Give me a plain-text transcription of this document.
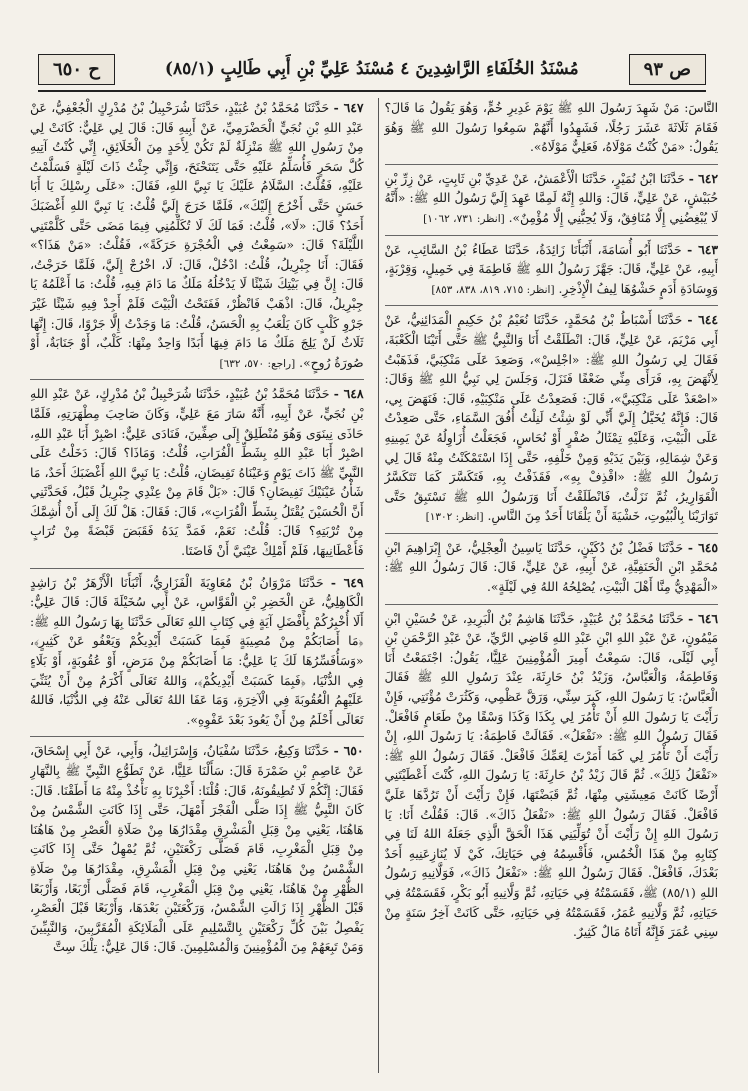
ص ٩٣
مُسْنَدُ الخُلَفَاءِ الرَّاشِدِينَ ٤ مُسْنَدُ عَلِيِّ بْنِ أَبِي طَالِبٍ (٨٥/١)
ح ٦٥٠

النَّاسَ: مَنْ شَهِدَ رَسُولَ اللهِ ﷺ يَوْمَ غَدِيرِ خُمٍّ، وَهُوَ يَقُولُ مَا قَالَ؟ فَقَامَ ثَلَاثَةَ عَشَرَ رَجُلًا، فَشَهِدُوا أَنَّهُمْ سَمِعُوا رَسُولَ اللهِ ﷺ وَهُوَ يَقُولُ: «مَنْ كُنْتُ مَوْلَاهُ، فَعَلِيٌّ مَوْلَاهُ».

٦٤٢ - حَدَّثَنَا ابْنُ نُمَيْرٍ، حَدَّثَنَا الْأَعْمَشُ، عَنْ عَدِيِّ بْنِ ثَابِتٍ، عَنْ زِرِّ بْنِ حُبَيْشٍ، عَنْ عَلِيٍّ، قَالَ: وَاللهِ إِنَّهُ لَمِمَّا عَهِدَ إِلَيَّ رَسُولُ اللهِ ﷺ: «أَنَّهُ لَا يُبْغِضُنِي إِلَّا مُنَافِقٌ، وَلَا يُحِبُّنِي إِلَّا مُؤْمِنٌ». [انظر: ٧٣١، ١٠٦٢]

٦٤٣ - حَدَّثَنَا أَبُو أُسَامَةَ، أَنْبَأَنَا زَائِدَةُ، حَدَّثَنَا عَطَاءُ بْنُ السَّائِبِ، عَنْ أَبِيهِ، عَنْ عَلِيٍّ، قَالَ: جَهَّزَ رَسُولُ اللهِ ﷺ فَاطِمَةَ فِي خَمِيلٍ، وَقِرْبَةٍ، وَوِسَادَةِ أَدَمٍ حَشْوُهَا لِيفُ الْإِذْخِرِ. [انظر: ٧١٥، ٨١٩، ٨٣٨، ٨٥٣]

٦٤٤ - حَدَّثَنَا أَسْبَاطُ بْنُ مُحَمَّدٍ، حَدَّثَنَا نُعَيْمُ بْنُ حَكِيمٍ الْمَدَائِنِيُّ، عَنْ أَبِي مَرْيَمَ، عَنْ عَلِيٍّ، قَالَ: انْطَلَقْتُ أَنَا وَالنَّبِيُّ ﷺ حَتَّى أَتَيْنَا الْكَعْبَةَ، فَقَالَ لِي رَسُولُ اللهِ ﷺ: «اجْلِسْ»، وَصَعِدَ عَلَى مَنْكِبَيَّ، فَذَهَبْتُ لِأَنْهَضَ بِهِ، فَرَأَى مِنِّي ضَعْفًا فَنَزَلَ، وَجَلَسَ لِي نَبِيُّ اللهِ ﷺ وَقَالَ: «اصْعَدْ عَلَى مَنْكِبَيَّ»، قَالَ: فَصَعِدْتُ عَلَى مَنْكِبَيْهِ، قَالَ: فَنَهَضَ بِي، قَالَ: فَإِنَّهُ يُخَيَّلُ إِلَيَّ أَنِّي لَوْ شِئْتُ لَنِلْتُ أُفُقَ السَّمَاءِ، حَتَّى صَعِدْتُ عَلَى الْبَيْتِ، وَعَلَيْهِ تِمْثَالُ صُفْرٍ أَوْ نُحَاسٍ، فَجَعَلْتُ أُزَاوِلُهُ عَنْ يَمِينِهِ وَعَنْ شِمَالِهِ، وَبَيْنَ يَدَيْهِ وَمِنْ خَلْفِهِ، حَتَّى إِذَا اسْتَمْكَنْتُ مِنْهُ قَالَ لِي رَسُولُ اللهِ ﷺ: «اقْذِفْ بِهِ»، فَقَذَفْتُ بِهِ، فَتَكَسَّرَ كَمَا تَتَكَسَّرُ الْقَوَارِيرُ، ثُمَّ نَزَلْتُ، فَانْطَلَقْتُ أَنَا وَرَسُولُ اللهِ ﷺ نَسْتَبِقُ حَتَّى تَوَارَيْنَا بِالْبُيُوتِ، خَشْيَةَ أَنْ يَلْقَانَا أَحَدٌ مِنَ النَّاسِ. [انظر: ١٣٠٢]

٦٤٥ - حَدَّثَنَا فَضْلُ بْنُ دُكَيْنٍ، حَدَّثَنَا يَاسِينُ الْعِجْلِيُّ، عَنْ إِبْرَاهِيمَ ابْنِ مُحَمَّدِ ابْنِ الْحَنَفِيَّةِ، عَنْ أَبِيهِ، عَنْ عَلِيٍّ، قَالَ: قَالَ رَسُولُ اللهِ ﷺ: «الْمَهْدِيُّ مِنَّا أَهْلَ الْبَيْتِ، يُصْلِحُهُ اللهُ فِي لَيْلَةٍ».

٦٤٦ - حَدَّثَنَا مُحَمَّدُ بْنُ عُبَيْدٍ، حَدَّثَنَا هَاشِمُ بْنُ الْبَرِيدِ، عَنْ حُسَيْنِ ابْنِ مَيْمُونٍ، عَنْ عَبْدِ اللهِ ابْنِ عَبْدِ اللهِ قَاضِي الرَّيِّ، عَنْ عَبْدِ الرَّحْمَنِ بْنِ أَبِي لَيْلَى، قَالَ: سَمِعْتُ أَمِيرَ الْمُؤْمِنِينَ عَلِيًّا، يَقُولُ: اجْتَمَعْتُ أَنَا وَفَاطِمَةُ، وَالْعَبَّاسُ، وَزَيْدُ بْنُ حَارِثَةَ، عِنْدَ رَسُولِ اللهِ ﷺ فَقَالَ الْعَبَّاسُ: يَا رَسُولَ اللهِ، كَبِرَ سِنِّي، وَرَقَّ عَظْمِي، وَكَثُرَتْ مُؤْنَتِي، فَإِنْ رَأَيْتَ يَا رَسُولَ اللهِ أَنْ تَأْمُرَ لِي بِكَذَا وَكَذَا وَسْقًا مِنْ طَعَامٍ فَافْعَلْ. فَقَالَ رَسُولُ اللهِ ﷺ: «نَفْعَلُ». فَقَالَتْ فَاطِمَةُ: يَا رَسُولَ اللهِ، إِنْ رَأَيْتَ أَنْ تَأْمُرَ لِي كَمَا أَمَرْتَ لِعَمِّكَ فَافْعَلْ. فَقَالَ رَسُولُ اللهِ ﷺ: «نَفْعَلُ ذَلِكَ». ثُمَّ قَالَ زَيْدُ بْنُ حَارِثَةَ: يَا رَسُولَ اللهِ، كُنْتَ أَعْطَيْتَنِي أَرْضًا كَانَتْ مَعِيشَتِي مِنْهَا، ثُمَّ قَبَضْتَهَا، فَإِنْ رَأَيْتَ أَنْ تَرُدَّهَا عَلَيَّ فَافْعَلْ. فَقَالَ رَسُولُ اللهِ ﷺ: «نَفْعَلُ ذَاكَ». قَالَ: فَقُلْتُ أَنَا: يَا رَسُولَ اللهِ إِنْ رَأَيْتَ أَنْ تُوَلِّيَنِي هَذَا الْحَقَّ الَّذِي جَعَلَهُ اللهُ لَنَا فِي كِتَابِهِ مِنْ هَذَا الْخُمُسِ، فَأَقْسِمُهُ فِي حَيَاتِكَ، كَيْ لَا يُنَازِعَنِيهِ أَحَدٌ بَعْدَكَ، فَافْعَلْ. فَقَالَ رَسُولُ اللهِ ﷺ: «نَفْعَلُ ذَاكَ»، فَوَلَّانِيهِ رَسُولُ اللهِ (٨٥/١) ﷺ، فَقَسَمْتُهُ فِي حَيَاتِهِ، ثُمَّ وَلَّانِيهِ أَبُو بَكْرٍ، فَقَسَمْتُهُ فِي حَيَاتِهِ، ثُمَّ وَلَّانِيهِ عُمَرُ، فَقَسَمْتُهُ فِي حَيَاتِهِ، حَتَّى كَانَتْ آخِرُ سَنَةٍ مِنْ سِنِي عُمَرَ فَإِنَّهُ أَتَاهُ مَالٌ كَثِيرٌ.

٦٤٧ - حَدَّثَنَا مُحَمَّدُ بْنُ عُبَيْدٍ، حَدَّثَنَا شُرَحْبِيلُ بْنُ مُدْرِكٍ الْجُعْفِيُّ، عَنْ عَبْدِ اللهِ بْنِ نُجَيٍّ الْحَضْرَمِيِّ، عَنْ أَبِيهِ قَالَ: قَالَ لِي عَلِيٌّ: كَانَتْ لِي مِنْ رَسُولِ اللهِ ﷺ مَنْزِلَةٌ لَمْ تَكُنْ لِأَحَدٍ مِنَ الْخَلَائِقِ، إِنِّي كُنْتُ آتِيهِ كُلَّ سَحَرٍ فَأُسَلِّمُ عَلَيْهِ حَتَّى يَتَنَحْنَحَ، وَإِنِّي جِئْتُ ذَاتَ لَيْلَةٍ فَسَلَّمْتُ عَلَيْهِ، فَقُلْتُ: السَّلَامُ عَلَيْكَ يَا نَبِيَّ اللهِ، فَقَالَ: «عَلَى رِسْلِكَ يَا أَبَا حَسَنٍ حَتَّى أَخْرُجَ إِلَيْكَ»، فَلَمَّا خَرَجَ إِلَيَّ قُلْتُ: يَا نَبِيَّ اللهِ أَغْضَبَكَ أَحَدٌ؟ قَالَ: «لَا»، قُلْتُ: فَمَا لَكَ لَا تُكَلِّمُنِي فِيمَا مَضَى حَتَّى كَلَّمْتَنِي اللَّيْلَةَ؟ قَالَ: «سَمِعْتُ فِي الْحُجْرَةِ حَرَكَةً»، فَقُلْتُ: «مَنْ هَذَا؟» فَقَالَ: أَنَا جِبْرِيلُ، قُلْتُ: ادْخُلْ، قَالَ: لَا، اخْرُجْ إِلَيَّ، فَلَمَّا خَرَجْتُ، قَالَ: إِنَّ فِي بَيْتِكَ شَيْئًا لَا يَدْخُلُهُ مَلَكٌ مَا دَامَ فِيهِ، قُلْتُ: مَا أَعْلَمُهُ يَا جِبْرِيلُ، قَالَ: اذْهَبْ فَانْظُرْ، فَفَتَحْتُ الْبَيْتَ فَلَمْ أَجِدْ فِيهِ شَيْئًا غَيْرَ جَرْوِ كَلْبٍ كَانَ يَلْعَبُ بِهِ الْحَسَنُ، قُلْتُ: مَا وَجَدْتُ إِلَّا جَرْوًا، قَالَ: إِنَّهَا ثَلَاثٌ لَنْ يَلِجَ مَلَكٌ مَا دَامَ فِيهَا أَبَدًا وَاحِدٌ مِنْهَا: كَلْبٌ، أَوْ جَنَابَةٌ، أَوْ صُورَةُ رُوحٍ». [راجع: ٥٧٠، ٦٣٢]

٦٤٨ - حَدَّثَنَا مُحَمَّدُ بْنُ عُبَيْدٍ، حَدَّثَنَا شُرَحْبِيلُ بْنُ مُدْرِكٍ، عَنْ عَبْدِ اللهِ بْنِ نُجَيٍّ، عَنْ أَبِيهِ، أَنَّهُ سَارَ مَعَ عَلِيٍّ، وَكَانَ صَاحِبَ مِطْهَرَتِهِ، فَلَمَّا حَاذَى نِينَوَى وَهُوَ مُنْطَلِقٌ إِلَى صِفِّينَ، فَنَادَى عَلِيٌّ: اصْبِرْ أَبَا عَبْدِ اللهِ، اصْبِرْ أَبَا عَبْدِ اللهِ بِشَطِّ الْفُرَاتِ، قُلْتُ: وَمَاذَا؟ قَالَ: دَخَلْتُ عَلَى النَّبِيِّ ﷺ ذَاتَ يَوْمٍ وَعَيْنَاهُ تَفِيضَانِ، قُلْتُ: يَا نَبِيَّ اللهِ أَغْضَبَكَ أَحَدٌ، مَا شَأْنُ عَيْنَيْكَ تَفِيضَانِ؟ قَالَ: «بَلْ قَامَ مِنْ عِنْدِي جِبْرِيلُ قَبْلُ، فَحَدَّثَنِي أَنَّ الْحُسَيْنَ يُقْتَلُ بِشَطِّ الْفُرَاتِ»، قَالَ: فَقَالَ: هَلْ لَكَ إِلَى أَنْ أُشِمَّكَ مِنْ تُرْبَتِهِ؟ قَالَ: قُلْتُ: نَعَمْ، فَمَدَّ يَدَهُ فَقَبَضَ قَبْضَةً مِنْ تُرَابٍ فَأَعْطَانِيهَا، فَلَمْ أَمْلِكْ عَيْنَيَّ أَنْ فَاضَتَا.

٦٤٩ - حَدَّثَنَا مَرْوَانُ بْنُ مُعَاوِيَةَ الْفَزَارِيُّ، أَنْبَأَنَا الْأَزْهَرُ بْنُ رَاشِدٍ الْكَاهِلِيُّ، عَنِ الْخَضِرِ بْنِ الْقَوَّاسِ، عَنْ أَبِي سُخَيْلَةَ قَالَ: قَالَ عَلِيٌّ: أَلَا أُخْبِرُكُمْ بِأَفْضَلِ آيَةٍ فِي كِتَابِ اللهِ تَعَالَى حَدَّثَنَا بِهَا رَسُولُ اللهِ ﷺ: ﴿مَا أَصَابَكُمْ مِنْ مُصِيبَةٍ فَبِمَا كَسَبَتْ أَيْدِيكُمْ وَيَعْفُو عَنْ كَثِيرٍ﴾، «وَسَأُفَسِّرُهَا لَكَ يَا عَلِيُّ: مَا أَصَابَكُمْ مِنْ مَرَضٍ، أَوْ عُقُوبَةٍ، أَوْ بَلَاءٍ فِي الدُّنْيَا، ﴿فَبِمَا كَسَبَتْ أَيْدِيكُمْ﴾، وَاللهُ تَعَالَى أَكْرَمُ مِنْ أَنْ يُثَنِّيَ عَلَيْهِمُ الْعُقُوبَةَ فِي الْآخِرَةِ، وَمَا عَفَا اللهُ تَعَالَى عَنْهُ فِي الدُّنْيَا، فَاللهُ تَعَالَى أَحْلَمُ مِنْ أَنْ يَعُودَ بَعْدَ عَفْوِهِ».

٦٥٠ - حَدَّثَنَا وَكِيعٌ، حَدَّثَنَا سُفْيَانُ، وَإِسْرَائِيلُ، وَأَبِي، عَنْ أَبِي إِسْحَاقَ، عَنْ عَاصِمِ بْنِ ضَمْرَةَ قَالَ: سَأَلْنَا عَلِيًّا، عَنْ تَطَوُّعِ النَّبِيِّ ﷺ بِالنَّهَارِ فَقَالَ: إِنَّكُمْ لَا تُطِيقُونَهُ، قَالَ: قُلْنَا: أَخْبِرْنَا بِهِ نَأْخُذْ مِنْهُ مَا أَطَقْنَا. قَالَ: كَانَ النَّبِيُّ ﷺ إِذَا صَلَّى الْفَجْرَ أَمْهَلَ، حَتَّى إِذَا كَانَتِ الشَّمْسُ مِنْ هَاهُنَا، يَعْنِي مِنْ قِبَلِ الْمَشْرِقِ مِقْدَارُهَا مِنْ صَلَاةِ الْعَصْرِ مِنْ هَاهُنَا مِنْ قِبَلِ الْمَغْرِبِ، قَامَ فَصَلَّى رَكْعَتَيْنِ، ثُمَّ يُمْهِلُ حَتَّى إِذَا كَانَتِ الشَّمْسُ مِنْ هَاهُنَا، يَعْنِي مِنْ قِبَلِ الْمَشْرِقِ، مِقْدَارُهَا مِنْ صَلَاةِ الظُّهْرِ مِنْ هَاهُنَا، يَعْنِي مِنْ قِبَلِ الْمَغْرِبِ، قَامَ فَصَلَّى أَرْبَعًا، وَأَرْبَعًا قَبْلَ الظُّهْرِ إِذَا زَالَتِ الشَّمْسُ، وَرَكْعَتَيْنِ بَعْدَهَا، وَأَرْبَعًا قَبْلَ الْعَصْرِ، يَفْصِلُ بَيْنَ كُلِّ رَكْعَتَيْنِ بِالتَّسْلِيمِ عَلَى الْمَلَائِكَةِ الْمُقَرَّبِينَ، وَالنَّبِيِّينَ وَمَنْ تَبِعَهُمْ مِنَ الْمُؤْمِنِينَ وَالْمُسْلِمِينَ. قَالَ: قَالَ عَلِيٌّ: تِلْكَ سِتَّ
